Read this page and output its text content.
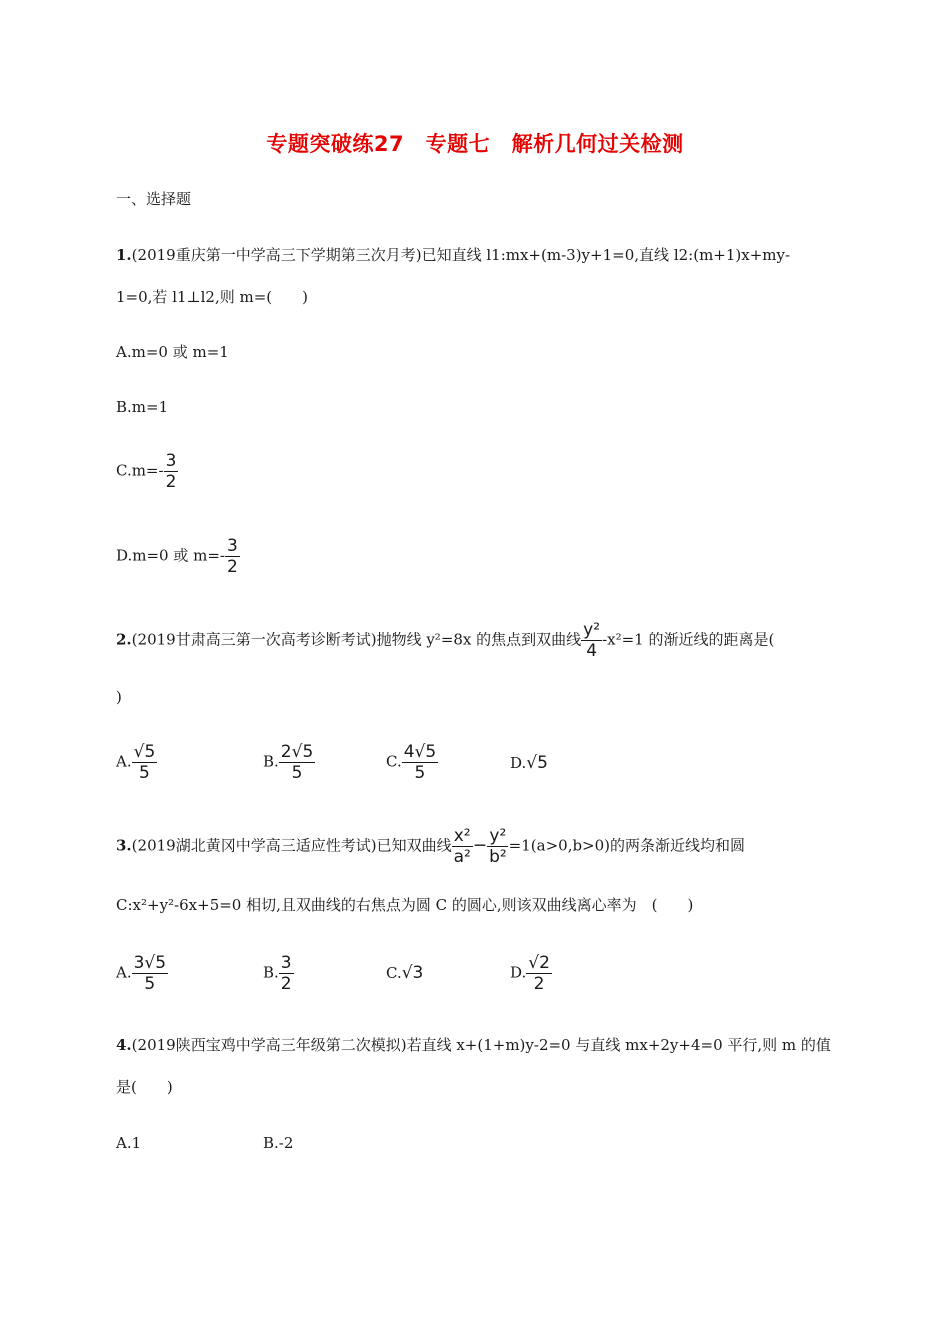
专题突破练27　专题七　解析几何过关检测
一、选择题
1.(2019重庆第一中学高三下学期第三次月考)已知直线 l1:mx+(m-3)y+1=0,直线 l2:(m+1)x+my-
1=0,若 l1⊥l2,则 m=(　　)
A.m=0 或 m=1
B.m=1
$C.m=- \frac{3}{2}$
D.m=0 或 $m=- \frac{3}{2}$
2.(2019甘肃高三第一次高考诊断考试)抛物线 y²=8x 的焦点到双曲线 $\frac{\text{y²}}{4} -x^2=1$ 的渐近线的距离是(
)
A. $\frac{√5}{5}$	B. $\frac{2√5}{5}$	C. $\frac{4√5}{5}$	D.√5
3.(2019湖北黄冈中学高三适应性考试)已知双曲线 $\frac{\text{x²}}{\text{a²}} - \frac{\text{y²}}{\text{b²}} =1(a>0,b>0)$的两条渐近线均和圆
C:x²+y²-6x+5=0 相切,且双曲线的右焦点为圆 C 的圆心,则该双曲线离心率为　(　　)
A. $\frac{3√5}{5}$	B. $\frac{3}{2}$	C.√3	D. $\frac{√2}{2}$
4.(2019陕西宝鸡中学高三年级第二次模拟)若直线 x+(1+m)y-2=0 与直线 mx+2y+4=0 平行,则 m 的值
是(　　)
A.1	B.-2
